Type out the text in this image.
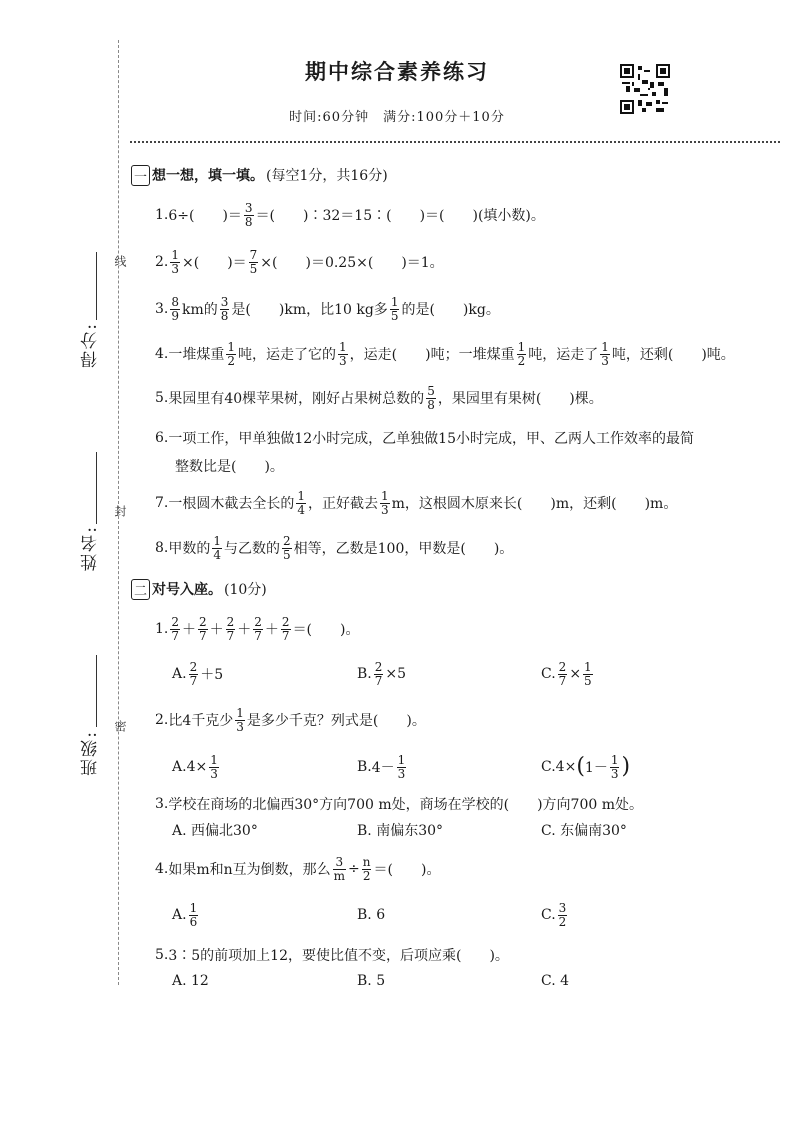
得分:
线
姓名:
封
班级:
密
期中综合素养练习
时间:60分钟　满分:100分＋10分
一 想一想，填一填。 (每空1分，共16分)
1. 6÷(　　)＝ $\frac{3}{8}$ ＝(　　)∶32＝15∶(　　)＝(　　)(填小数)。
2. $\frac{1}{3}$ ×(　　)＝ $\frac{7}{5}$ ×(　　)＝0.25×(　　)＝1。
3. $\frac{8}{9}$ km的 $\frac{3}{8}$ 是(　　)km，比10 kg多 $\frac{1}{5}$ 的是(　　)kg。
4. 一堆煤重 $\frac{1}{2}$ 吨，运走了它的 $\frac{1}{3}$ ，运走(　　)吨；一堆煤重 $\frac{1}{2}$ 吨，运走了 $\frac{1}{3}$ 吨，还剩(　　)吨。
5. 果园里有40棵苹果树，刚好占果树总数的 $\frac{5}{8}$ ，果园里有果树(　　)棵。
6. 一项工作，甲单独做12小时完成，乙单独做15小时完成，甲、乙两人工作效率的最简
整数比是(　　)。
7. 一根圆木截去全长的 $\frac{1}{4}$ ，正好截去 $\frac{1}{3}$ m，这根圆木原来长(　　)m，还剩(　　)m。
8. 甲数的 $\frac{1}{4}$ 与乙数的 $\frac{2}{5}$ 相等，乙数是100，甲数是(　　)。
二 对号入座。 (10分)
1. $\frac{2}{7} + \frac{2}{7} + \frac{2}{7} + \frac{2}{7} + \frac{2}{7}$ ＝(　　)。
A. $\frac{2}{7} +5$	B. $\frac{2}{7} \times 5$	C. $\frac{2}{7} \times \frac{1}{5}$
2. 比4千克少 $\frac{1}{3}$ 是多少千克？列式是(　　)。
A. $4\times \frac{1}{3}$	B. $4- \frac{1}{3}$	C. 4× ( $1- \frac{1}{3}$ )
3. 学校在商场的北偏西30°方向700 m处，商场在学校的(　　)方向700 m处。
A. 西偏北30°	B. 南偏东30°	C. 东偏南30°
4. 如果m和n互为倒数，那么 $\frac{3}{m} \div \frac{n}{2}$ ＝(　　)。
A. $\frac{1}{6}$	B. 6	C. $\frac{3}{2}$
5. 3∶5的前项加上12，要使比值不变，后项应乘(　　)。
A. 12	B. 5	C. 4
